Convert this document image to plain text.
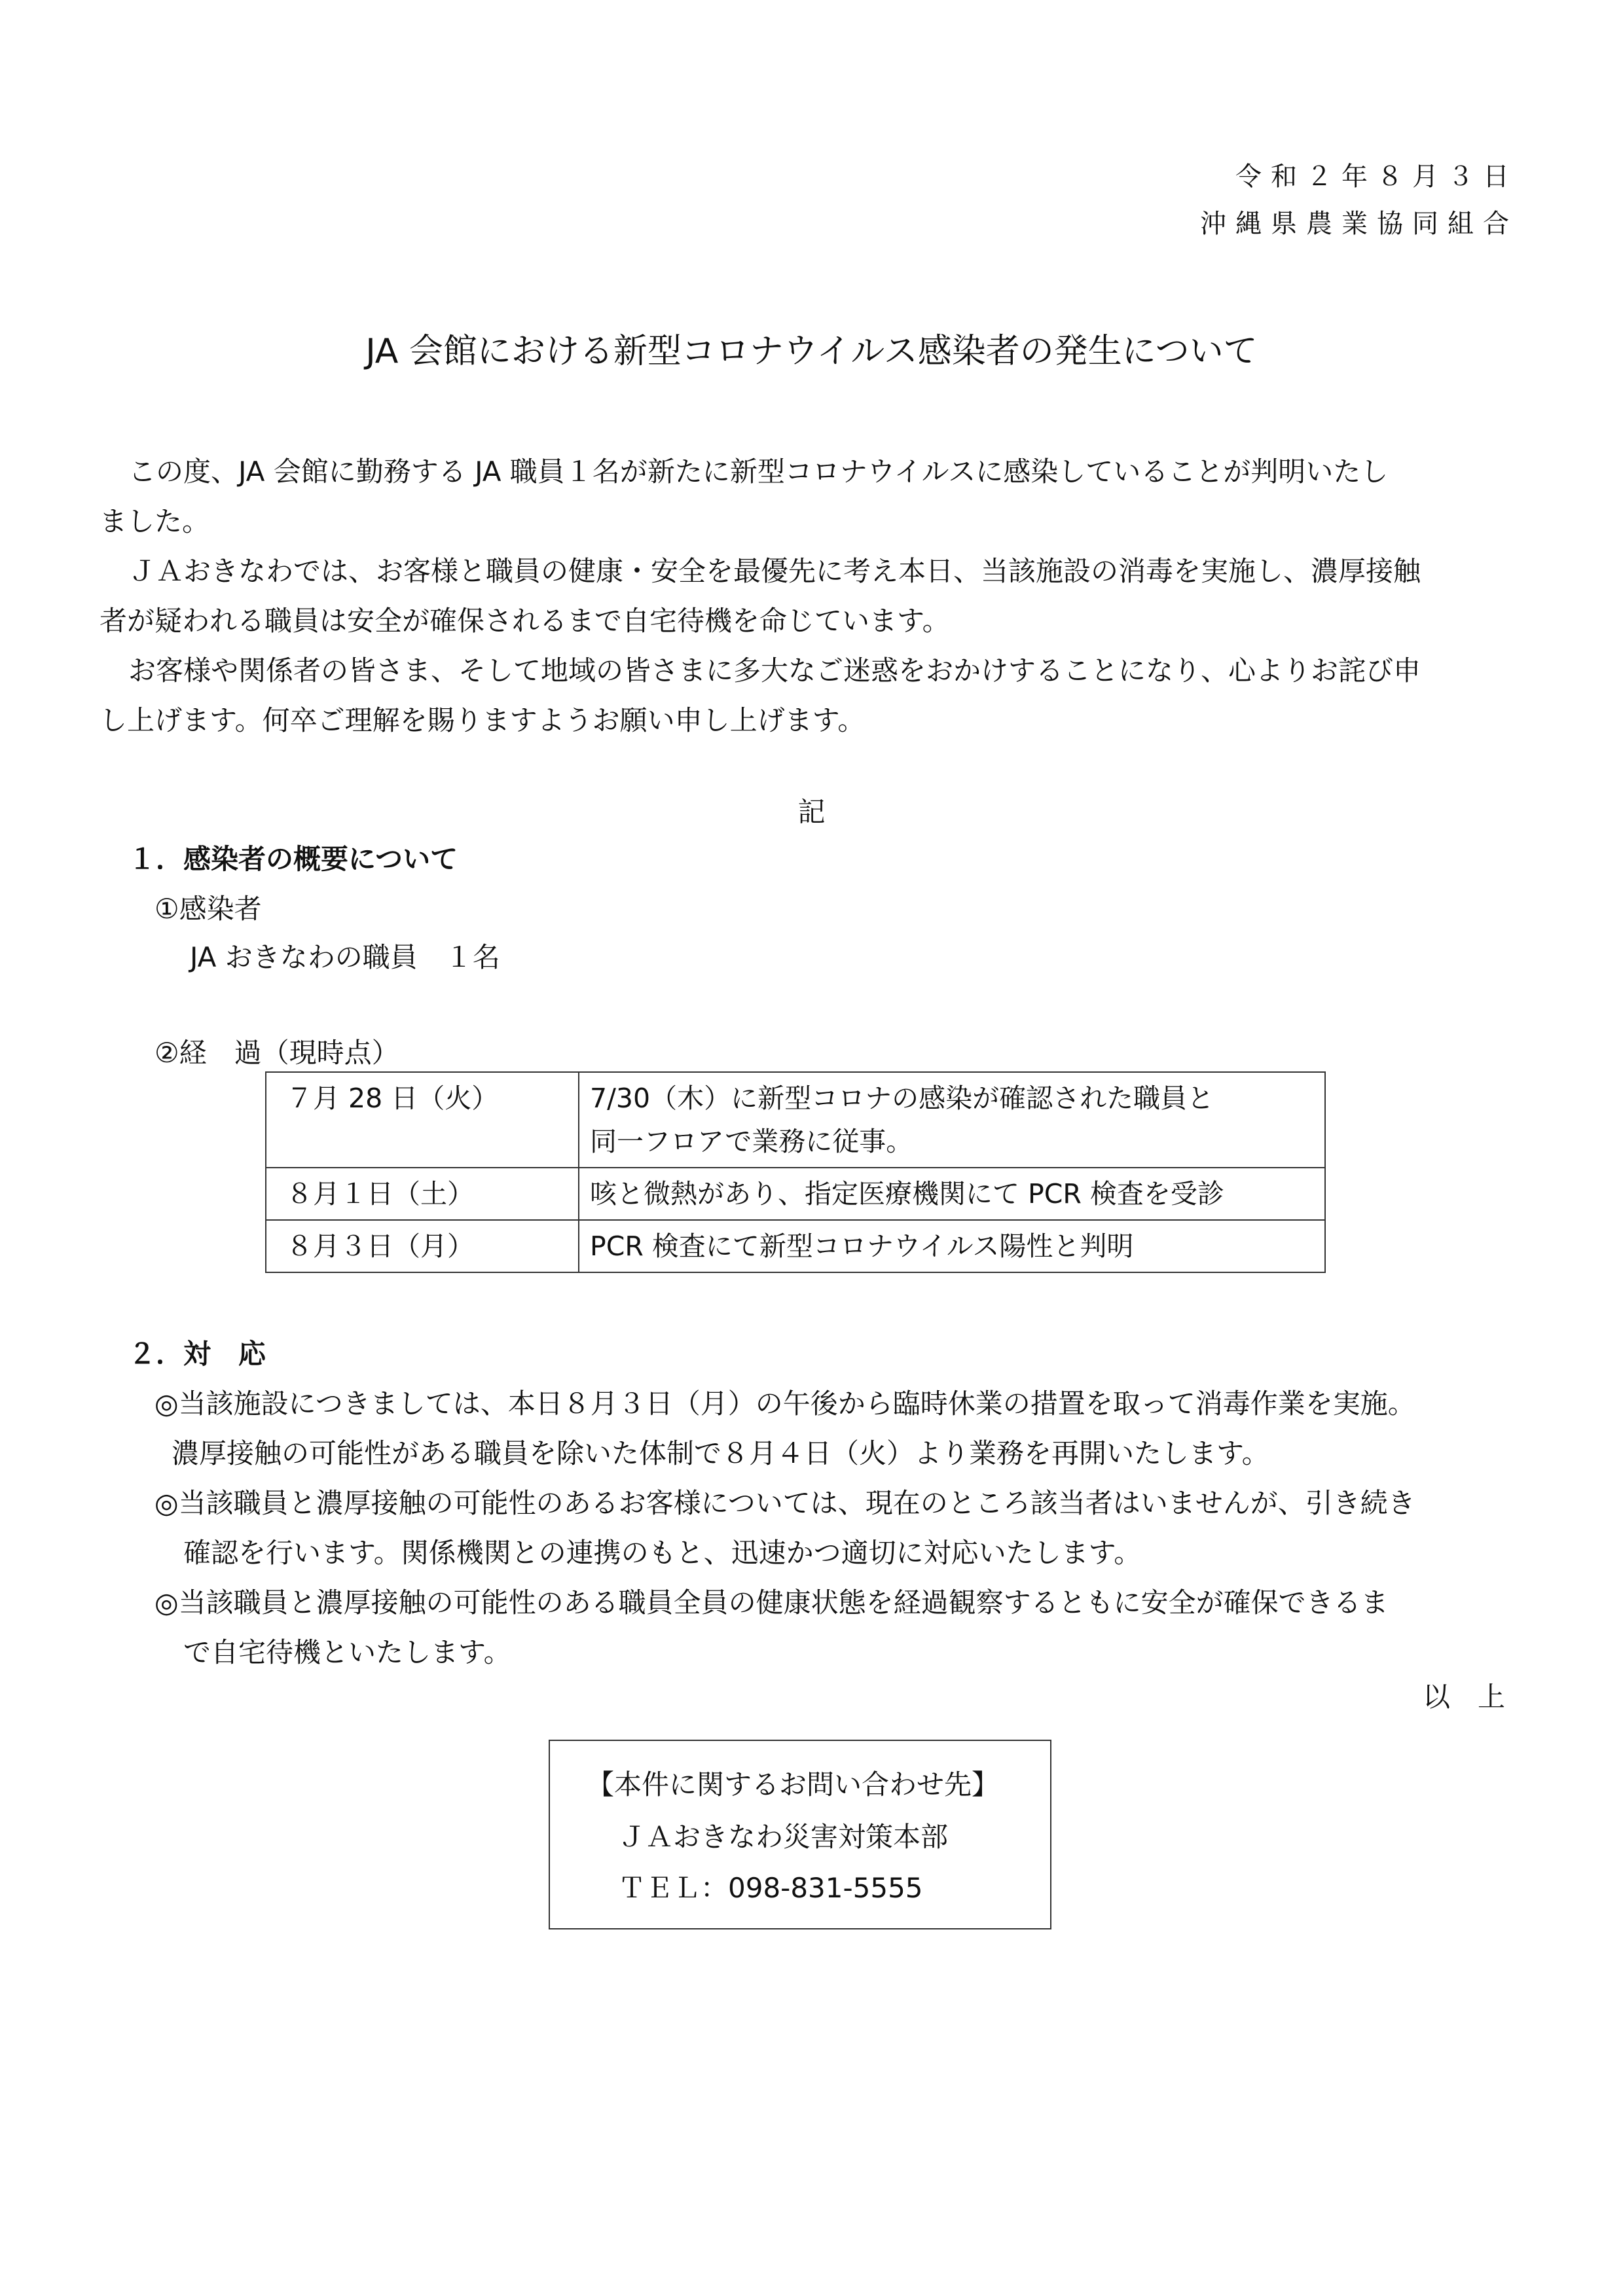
令和２年８月３日
沖縄県農業協同組合
JA 会館における新型コロナウイルス感染者の発生について
この度、JA 会館に勤務する JA 職員１名が新たに新型コロナウイルスに感染していることが判明いたし
ました。
ＪＡおきなわでは、お客様と職員の健康・安全を最優先に考え本日、当該施設の消毒を実施し、濃厚接触
者が疑われる職員は安全が確保されるまで自宅待機を命じています。
お客様や関係者の皆さま、そして地域の皆さまに多大なご迷惑をおかけすることになり、心よりお詫び申
し上げます。何卒ご理解を賜りますようお願い申し上げます。
記
１．感染者の概要について
①感染者
JA おきなわの職員　１名
②経　過（現時点）
７月 28 日（火）	7/30（木）に新型コロナの感染が確認された職員と
同一フロアで業務に従事。

８月１日（土）	咳と微熱があり、指定医療機関にて PCR 検査を受診
８月３日（月）	PCR 検査にて新型コロナウイルス陽性と判明
２．対　応
◎当該施設につきましては、本日８月３日（月）の午後から臨時休業の措置を取って消毒作業を実施。
濃厚接触の可能性がある職員を除いた体制で８月４日（火）より業務を再開いたします。
◎当該職員と濃厚接触の可能性のあるお客様については、現在のところ該当者はいませんが、引き続き
確認を行います。関係機関との連携のもと、迅速かつ適切に対応いたします。
◎当該職員と濃厚接触の可能性のある職員全員の健康状態を経過観察するともに安全が確保できるま
で自宅待機といたします。
以　上
【本件に関するお問い合わせ先】
ＪＡおきなわ災害対策本部
ＴＥＬ：098-831-5555
